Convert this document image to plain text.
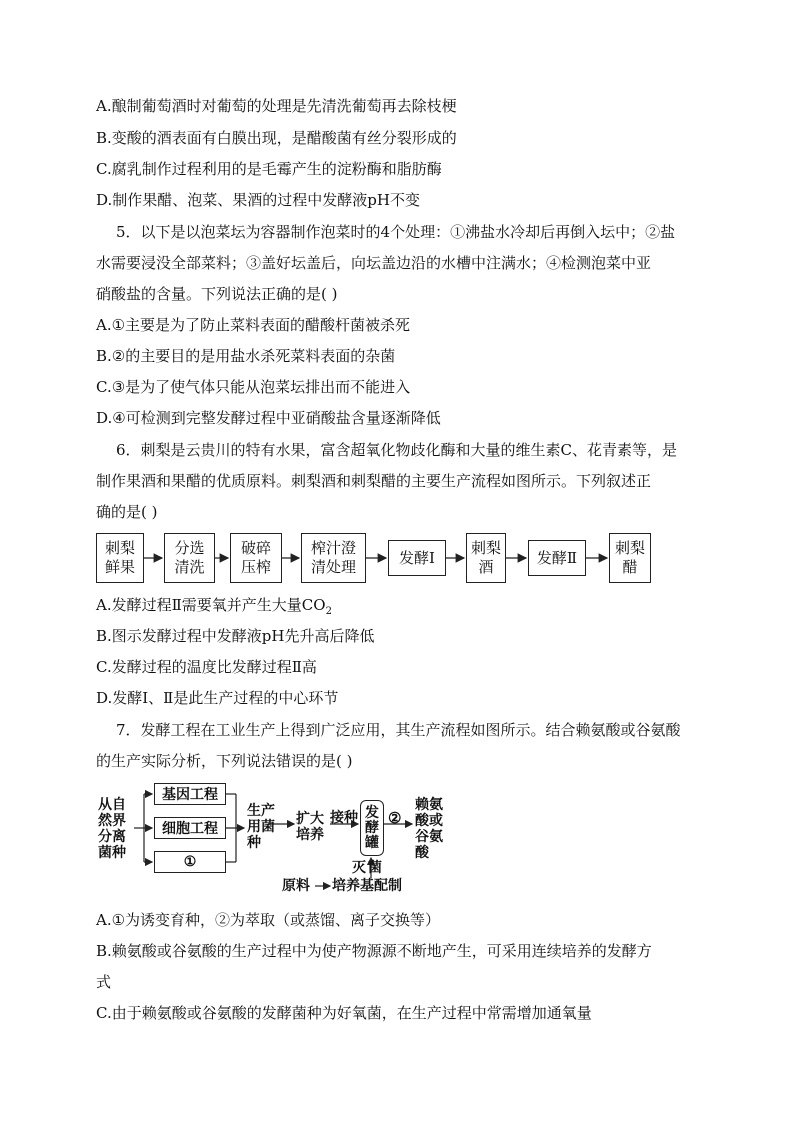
A.酿制葡萄酒时对葡萄的处理是先清洗葡萄再去除枝梗
B.变酸的酒表面有白膜出现，是醋酸菌有丝分裂形成的
C.腐乳制作过程利用的是毛霉产生的淀粉酶和脂肪酶
D.制作果醋、泡菜、果酒的过程中发酵液pH不变
5．以下是以泡菜坛为容器制作泡菜时的4个处理：①沸盐水冷却后再倒入坛中；②盐
水需要浸没全部菜料；③盖好坛盖后，向坛盖边沿的水槽中注满水；④检测泡菜中亚
硝酸盐的含量。下列说法正确的是( )
A.①主要是为了防止菜料表面的醋酸杆菌被杀死
B.②的主要目的是用盐水杀死菜料表面的杂菌
C.③是为了使气体只能从泡菜坛排出而不能进入
D.④可检测到完整发酵过程中亚硝酸盐含量逐渐降低
6．刺梨是云贵川的特有水果，富含超氧化物歧化酶和大量的维生素C、花青素等，是
制作果酒和果醋的优质原料。刺梨酒和刺梨醋的主要生产流程如图所示。下列叙述正
确的是( )
刺梨
鲜果
分选
清洗
破碎
压榨
榨汁澄
清处理
发酵Ⅰ
刺梨
酒
发酵Ⅱ
刺梨
醋
A.发酵过程Ⅱ需要氧并产生大量$CO_2$
B.图示发酵过程中发酵液pH先升高后降低
C.发酵过程的温度比发酵过程Ⅱ高
D.发酵Ⅰ、Ⅱ是此生产过程的中心环节
7．发酵工程在工业生产上得到广泛应用，其生产流程如图所示。结合赖氨酸或谷氨酸
的生产实际分析，下列说法错误的是( )
从自
然界
分离
菌种
基因工程
细胞工程
①
生产
用菌
种
扩大
培养
接种 发
酵
罐
②
赖氨
酸或
谷氨
酸
灭 菌
原料 培养基配制
A.①为诱变育种，②为萃取（或蒸馏、离子交换等）
B.赖氨酸或谷氨酸的生产过程中为使产物源源不断地产生，可采用连续培养的发酵方
式
C.由于赖氨酸或谷氨酸的发酵菌种为好氧菌，在生产过程中常需增加通氧量
